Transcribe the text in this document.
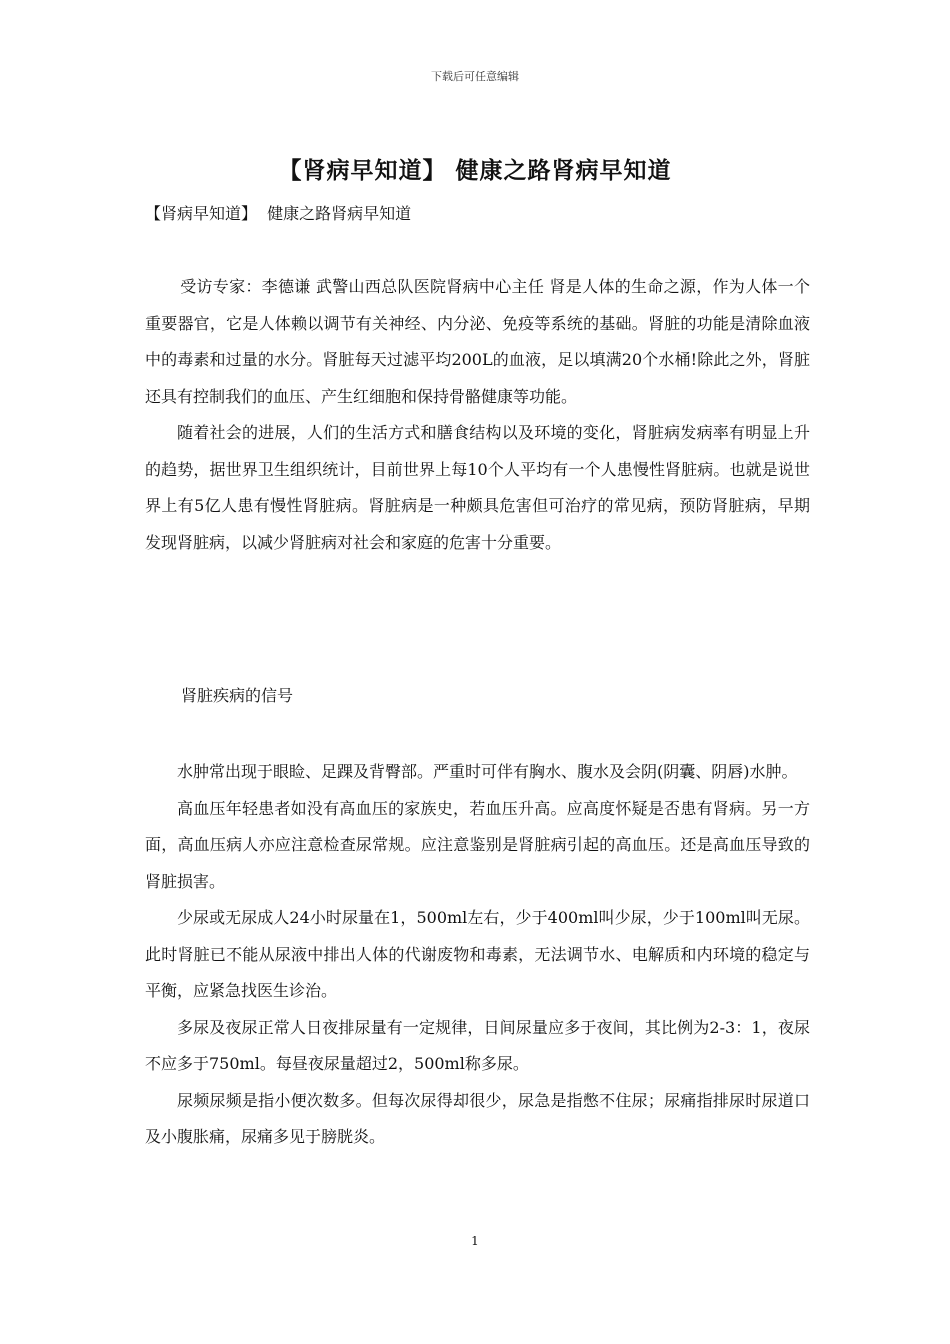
下载后可任意编辑
【肾病早知道】 健康之路肾病早知道

【肾病早知道】  健康之路肾病早知道

受访专家：李德谦 武警山西总队医院肾病中心主任 肾是人体的生命之源，作为人体一个重要器官，它是人体赖以调节有关神经、内分泌、免疫等系统的基础。肾脏的功能是清除血液中的毒素和过量的水分。肾脏每天过滤平均200L的血液，足以填满20个水桶!除此之外，肾脏还具有控制我们的血压、产生红细胞和保持骨骼健康等功能。

随着社会的进展，人们的生活方式和膳食结构以及环境的变化，肾脏病发病率有明显上升的趋势，据世界卫生组织统计，目前世界上每10个人平均有一个人患慢性肾脏病。也就是说世界上有5亿人患有慢性肾脏病。肾脏病是一种颇具危害但可治疗的常见病，预防肾脏病，早期发现肾脏病，以减少肾脏病对社会和家庭的危害十分重要。

肾脏疾病的信号

水肿常出现于眼睑、足踝及背臀部。严重时可伴有胸水、腹水及会阴(阴囊、阴唇)水肿。

高血压年轻患者如没有高血压的家族史，若血压升高。应高度怀疑是否患有肾病。另一方面，高血压病人亦应注意检查尿常规。应注意鉴别是肾脏病引起的高血压。还是高血压导致的肾脏损害。

少尿或无尿成人24小时尿量在1，500ml左右，少于400ml叫少尿，少于100ml叫无尿。此时肾脏已不能从尿液中排出人体的代谢废物和毒素，无法调节水、电解质和内环境的稳定与平衡，应紧急找医生诊治。

多尿及夜尿正常人日夜排尿量有一定规律，日间尿量应多于夜间，其比例为2-3：1，夜尿不应多于750ml。每昼夜尿量超过2，500ml称多尿。

尿频尿频是指小便次数多。但每次尿得却很少，尿急是指憋不住尿；尿痛指排尿时尿道口及小腹胀痛，尿痛多见于膀胱炎。

1
